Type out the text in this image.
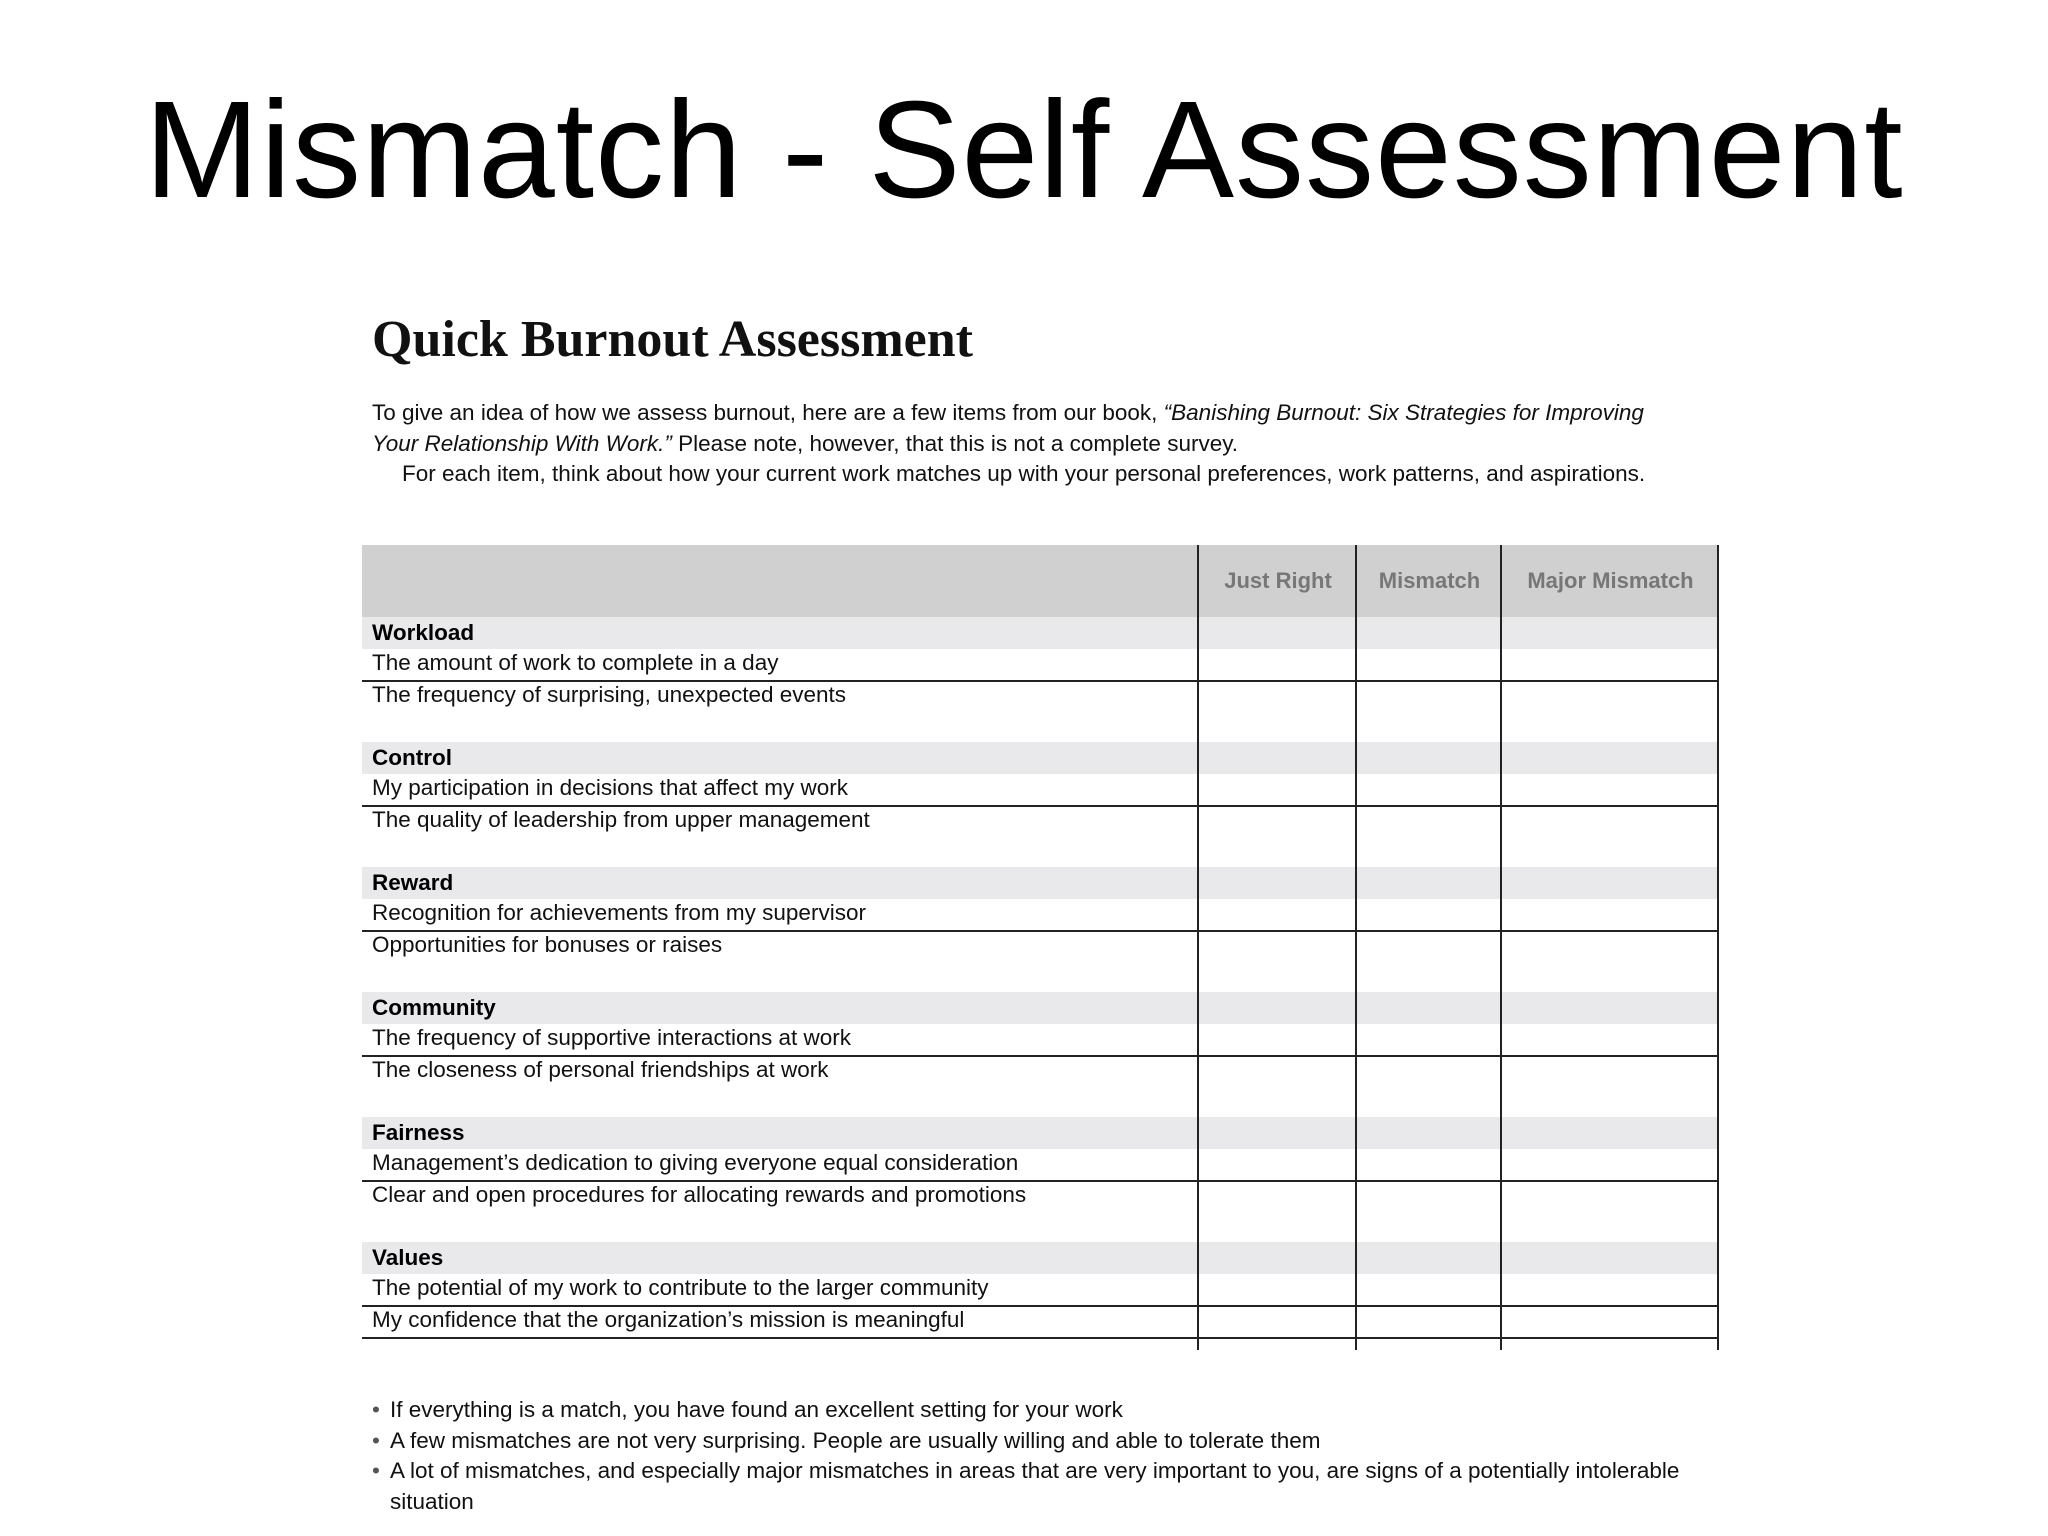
Mismatch - Self Assessment
Quick Burnout Assessment

To give an idea of how we assess burnout, here are a few items from our book, “Banishing Burnout: Six Strategies for Improving Your Relationship With Work.” Please note, however, that this is not a complete survey.

For each item, think about how your current work matches up with your personal preferences, work patterns, and aspirations.

Just Right	Mismatch	Major Mismatch
Workload
The amount of work to complete in a day
The frequency of surprising, unexpected events
Control
My participation in decisions that affect my work
The quality of leadership from upper management
Reward
Recognition for achievements from my supervisor
Opportunities for bonuses or raises
Community
The frequency of supportive interactions at work
The closeness of personal friendships at work
Fairness
Management’s dedication to giving everyone equal consideration
Clear and open procedures for allocating rewards and promotions
Values
The potential of my work to contribute to the larger community
My confidence that the organization’s mission is meaningful
• If everything is a match, you have found an excellent setting for your work
• A few mismatches are not very surprising. People are usually willing and able to tolerate them
• A lot of mismatches, and especially major mismatches in areas that are very important to you, are signs of a potentially intolerable situation
